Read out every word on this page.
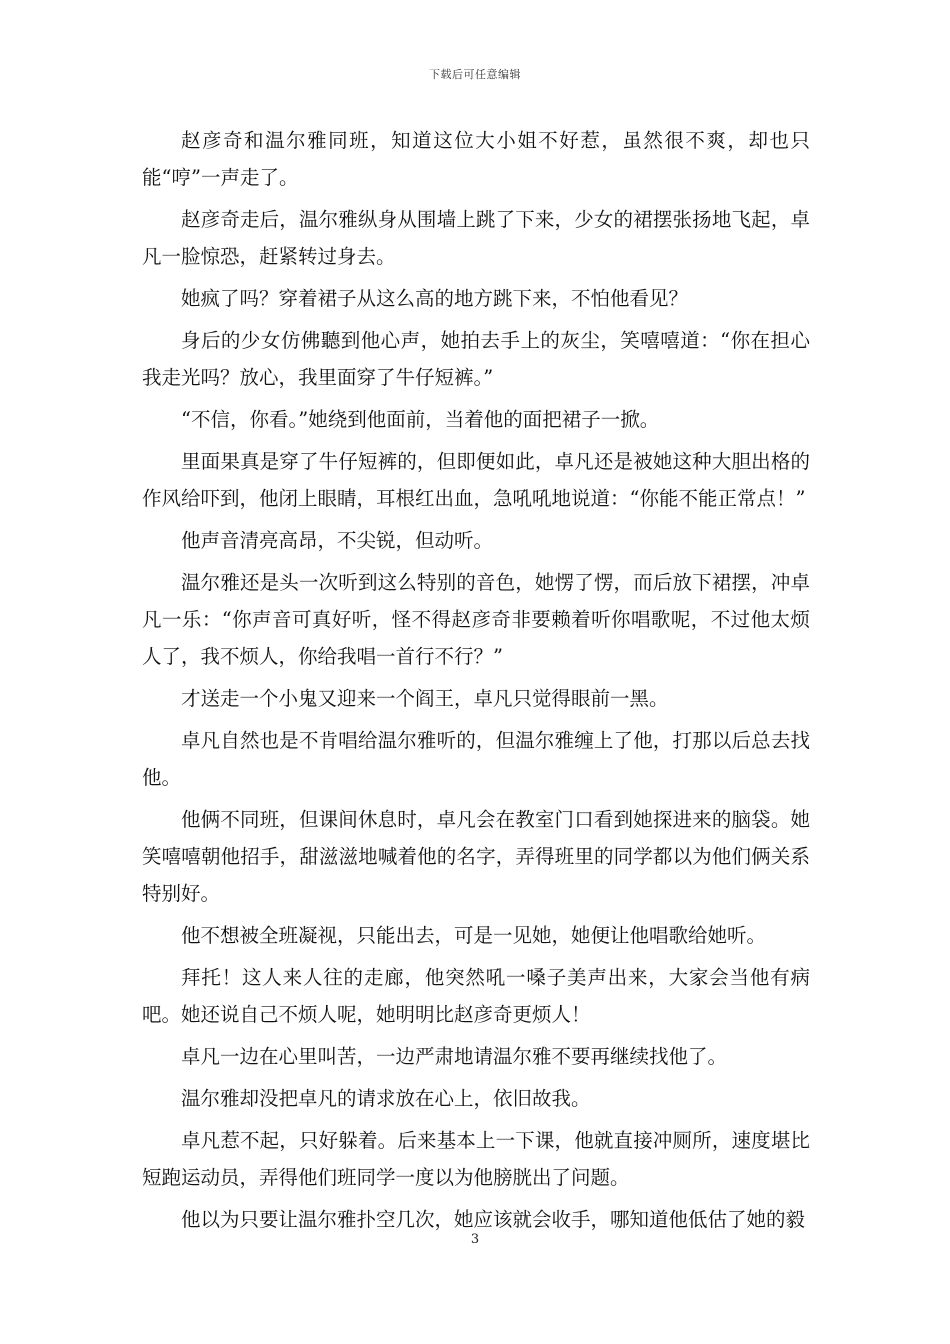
下载后可任意编辑

赵彦奇和温尔雅同班，知道这位大小姐不好惹，虽然很不爽，却也只能“哼”一声走了。

赵彦奇走后，温尔雅纵身从围墙上跳了下来，少女的裙摆张扬地飞起，卓凡一脸惊恐，赶紧转过身去。

她疯了吗？穿着裙子从这么高的地方跳下来，不怕他看见？

身后的少女仿佛聽到他心声，她拍去手上的灰尘，笑嘻嘻道：“你在担心我走光吗？放心，我里面穿了牛仔短裤。”

“不信，你看。”她绕到他面前，当着他的面把裙子一掀。

里面果真是穿了牛仔短裤的，但即便如此，卓凡还是被她这种大胆出格的作风给吓到，他闭上眼睛，耳根红出血，急吼吼地说道：“你能不能正常点！”

他声音清亮高昂，不尖锐，但动听。

温尔雅还是头一次听到这么特别的音色，她愣了愣，而后放下裙摆，冲卓凡一乐：“你声音可真好听，怪不得赵彦奇非要赖着听你唱歌呢，不过他太烦人了，我不烦人，你给我唱一首行不行？”

才送走一个小鬼又迎来一个阎王，卓凡只觉得眼前一黑。

卓凡自然也是不肯唱给温尔雅听的，但温尔雅缠上了他，打那以后总去找他。

他俩不同班，但课间休息时，卓凡会在教室门口看到她探进来的脑袋。她笑嘻嘻朝他招手，甜滋滋地喊着他的名字，弄得班里的同学都以为他们俩关系特别好。

他不想被全班凝视，只能出去，可是一见她，她便让他唱歌给她听。

拜托！这人来人往的走廊，他突然吼一嗓子美声出来，大家会当他有病吧。她还说自己不烦人呢，她明明比赵彦奇更烦人！

卓凡一边在心里叫苦，一边严肃地请温尔雅不要再继续找他了。

温尔雅却没把卓凡的请求放在心上，依旧故我。

卓凡惹不起，只好躲着。后来基本上一下课，他就直接冲厕所，速度堪比短跑运动员，弄得他们班同学一度以为他膀胱出了问题。

他以为只要让温尔雅扑空几次，她应该就会收手，哪知道他低估了她的毅

3
